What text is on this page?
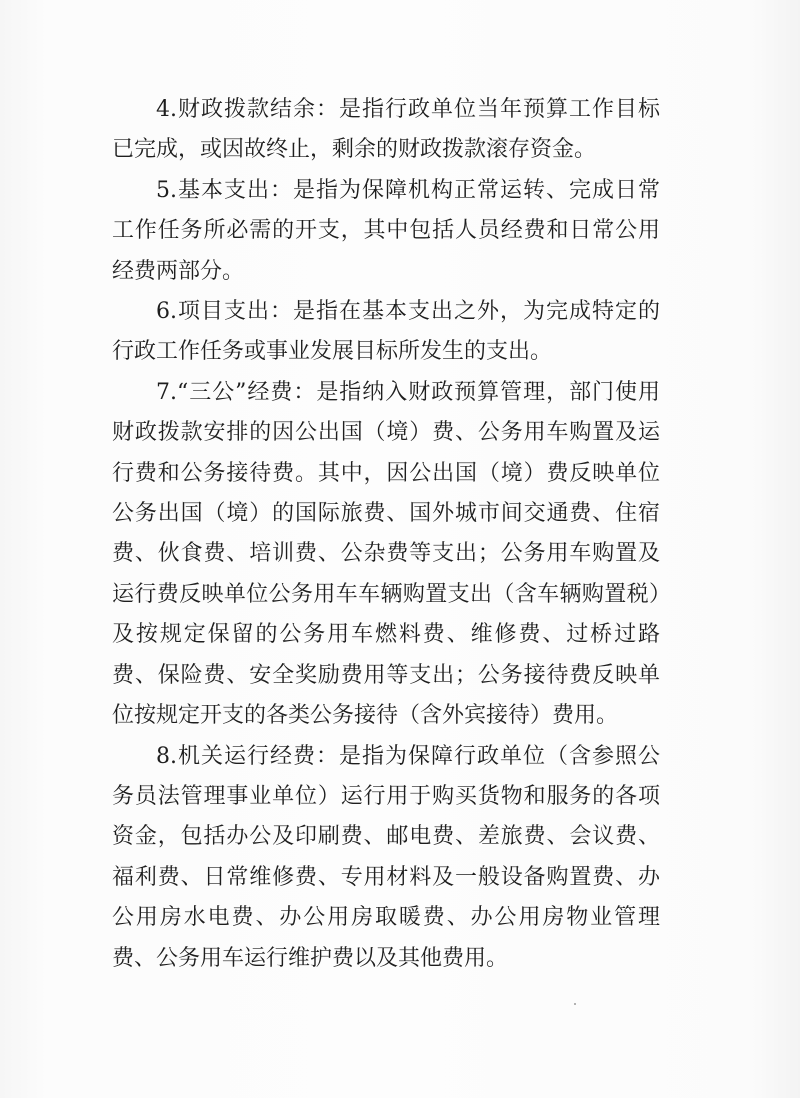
4.财政拨款结余：是指行政单位当年预算工作目标已完成，或因故终止，剩余的财政拨款滚存资金。

5.基本支出：是指为保障机构正常运转、完成日常工作任务所必需的开支，其中包括人员经费和日常公用经费两部分。

6.项目支出：是指在基本支出之外，为完成特定的行政工作任务或事业发展目标所发生的支出。

7.“三公”经费：是指纳入财政预算管理，部门使用财政拨款安排的因公出国（境）费、公务用车购置及运行费和公务接待费。其中，因公出国（境）费反映单位公务出国（境）的国际旅费、国外城市间交通费、住宿费、伙食费、培训费、公杂费等支出；公务用车购置及运行费反映单位公务用车车辆购置支出（含车辆购置税）及按规定保留的公务用车燃料费、维修费、过桥过路费、保险费、安全奖励费用等支出；公务接待费反映单位按规定开支的各类公务接待（含外宾接待）费用。

8.机关运行经费：是指为保障行政单位（含参照公务员法管理事业单位）运行用于购买货物和服务的各项资金，包括办公及印刷费、邮电费、差旅费、会议费、福利费、日常维修费、专用材料及一般设备购置费、办公用房水电费、办公用房取暖费、办公用房物业管理费、公务用车运行维护费以及其他费用。
